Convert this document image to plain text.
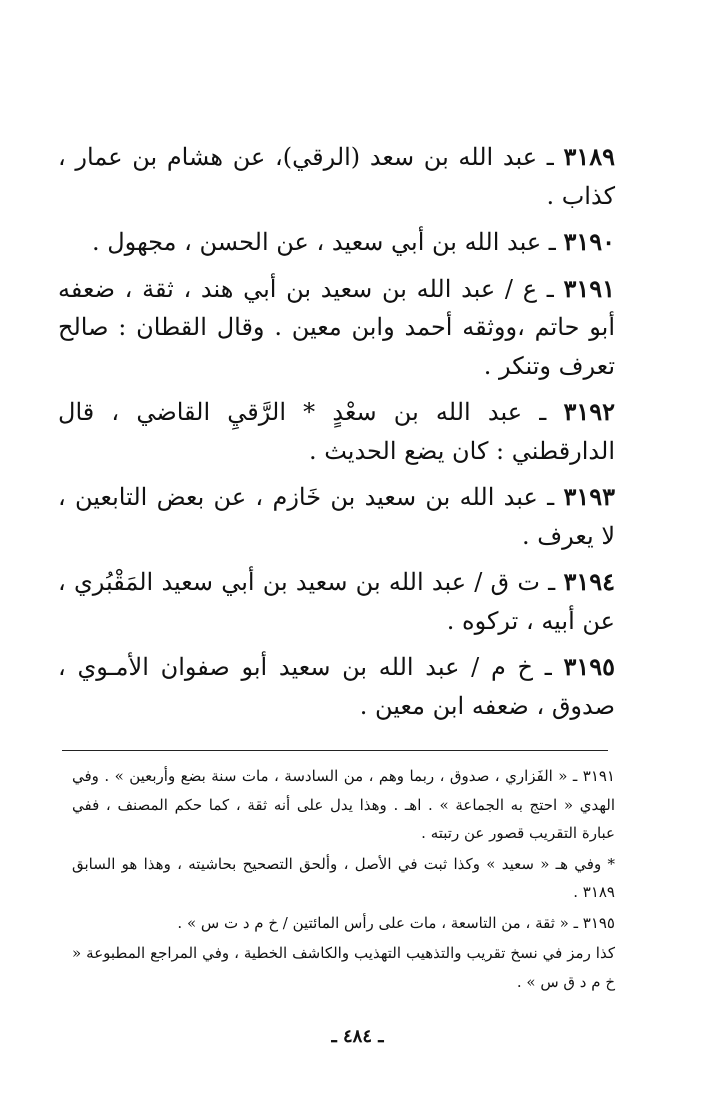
٣١٨٩ ـ عبد الله بن سعد (الرقي)، عن هشام بن عمار ، كذاب .

٣١٩٠ ـ عبد الله بن أبي سعيد ، عن الحسن ، مجهول .

٣١٩١ ـ ع / عبد الله بن سعيد بن أبي هند ، ثقة ، ضعفه أبو حاتم ،ووثقه أحمد وابن معين . وقال القطان : صالح تعرف وتنكر .

٣١٩٢ ـ عبد الله بن سعْدٍ * الرَّقيِ القاضي ، قال الدارقطني : كان يضع الحديث .

٣١٩٣ ـ عبد الله بن سعيد بن خَازم ، عن بعض التابعين ، لا يعرف .

٣١٩٤ ـ ت ق / عبد الله بن سعيد بن أبي سعيد المَقْبُري ، عن أبيه ، تركوه .

٣١٩٥ ـ خ م / عبد الله بن سعيد أبو صفوان الأمـوي ، صدوق ، ضعفه ابن معين .

٣١٩١ ـ « الفَزاري ، صدوق ، ربما وهم ، من السادسة ، مات سنة بضع وأربعين » . وفي الهدي « احتج به الجماعة » . اهـ . وهذا يدل على أنه ثقة ، كما حكم المصنف ، ففي عبارة التقريب قصور عن رتبته .

* وفي هـ « سعيد » وكذا ثبت في الأصل ، وألحق التصحيح بحاشيته ، وهذا هو السابق ٣١٨٩ .

٣١٩٥ ـ « ثقة ، من التاسعة ، مات على رأس المائتين / خ م د ت س » .

كذا رمز في نسخ تقريب والتذهيب التهذيب والكاشف الخطية ، وفي المراجع المطبوعة « خ م د ق س » .

ـ ٤٨٤ ـ
